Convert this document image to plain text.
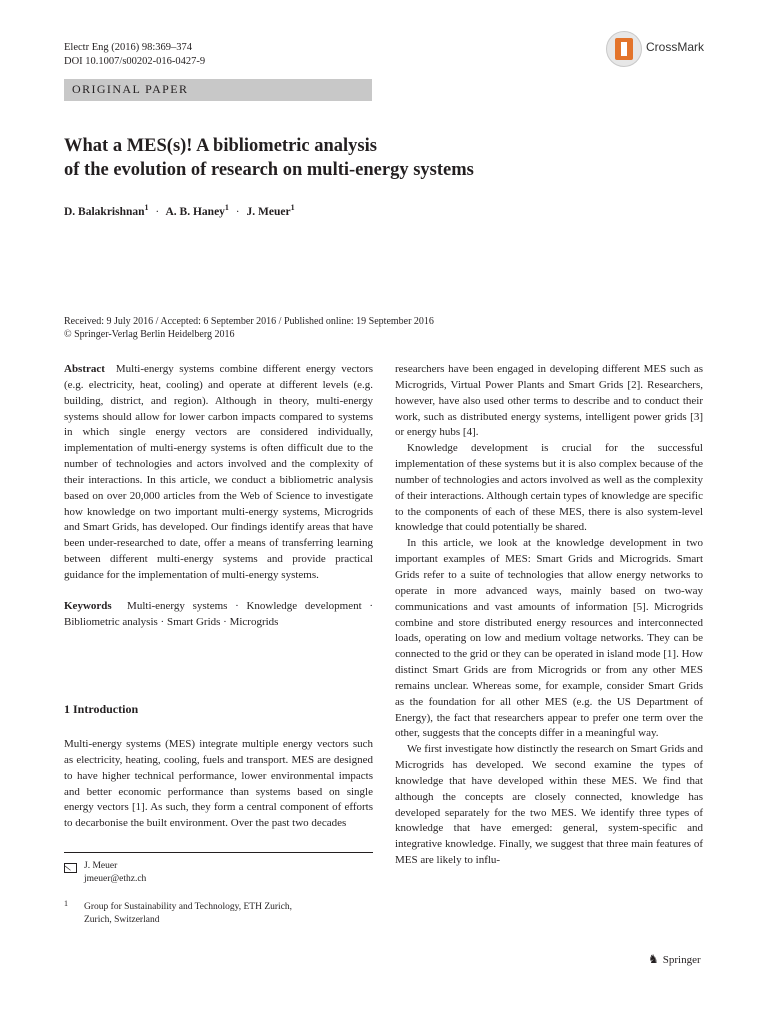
Electr Eng (2016) 98:369–374
DOI 10.1007/s00202-016-0427-9
CrossMark
ORIGINAL PAPER
What a MES(s)! A bibliometric analysis
of the evolution of research on multi-energy systems
D. Balakrishnan$^1$ · A. B. Haney$^1$ · J. Meuer$^1$
Received: 9 July 2016 / Accepted: 6 September 2016 / Published online: 19 September 2016
© Springer-Verlag Berlin Heidelberg 2016

Abstract Multi-energy systems combine different energy vectors (e.g. electricity, heat, cooling) and operate at different levels (e.g. building, district, and region). Although in theory, multi-energy systems should allow for lower carbon impacts compared to systems in which single energy vectors are considered individually, implementation of multi-energy systems is often difficult due to the number of technologies and actors involved and the complexity of their interactions. In this article, we conduct a bibliometric analysis based on over 20,000 articles from the Web of Science to investigate how knowledge on two important multi-energy systems, Microgrids and Smart Grids, has developed. Our findings identify areas that have been under-researched to date, offer a means of transferring learning between different multi-energy systems and provide practical guidance for the implementation of multi-energy systems.

Keywords Multi-energy systems · Knowledge development · Bibliometric analysis · Smart Grids · Microgrids

1 Introduction

Multi-energy systems (MES) integrate multiple energy vectors such as electricity, heating, cooling, fuels and transport. MES are designed to have higher technical performance, lower environmental impacts and better economic performance than systems based on single energy vectors [1]. As such, they form a central component of efforts to decarbonise the built environment. Over the past two decades

J. Meuer
jmeuer@ethz.ch
1 Group for Sustainability and Technology, ETH Zurich,
Zurich, Switzerland

researchers have been engaged in developing different MES such as Microgrids, Virtual Power Plants and Smart Grids [2]. Researchers, however, have also used other terms to describe and to conduct their work, such as distributed energy systems, intelligent power grids [3] or energy hubs [4].

Knowledge development is crucial for the successful implementation of these systems but it is also complex because of the number of technologies and actors involved as well as the complexity of their interactions. Although certain types of knowledge are specific to the components of each of these MES, there is also system-level knowledge that could potentially be shared.

In this article, we look at the knowledge development in two important examples of MES: Smart Grids and Microgrids. Smart Grids refer to a suite of technologies that allow energy networks to operate in more advanced ways, mainly based on two-way communications and vast amounts of information [5]. Microgrids combine and store distributed energy resources and interconnected loads, operating on low and medium voltage networks. They can be connected to the grid or they can be operated in island mode [1]. How distinct Smart Grids are from Microgrids or from any other MES remains unclear. Whereas some, for example, consider Smart Grids as the foundation for all other MES (e.g. the US Department of Energy), the fact that researchers appear to prefer one term over the other, suggests that the concepts differ in a meaningful way.

We first investigate how distinctly the research on Smart Grids and Microgrids has developed. We second examine the types of knowledge that have developed within these MES. We find that although the concepts are closely connected, knowledge has developed separately for the two MES. We identify three types of knowledge that have emerged: general, system-specific and integrative knowledge. Finally, we suggest that three main features of MES are likely to influ-

♞ Springer
